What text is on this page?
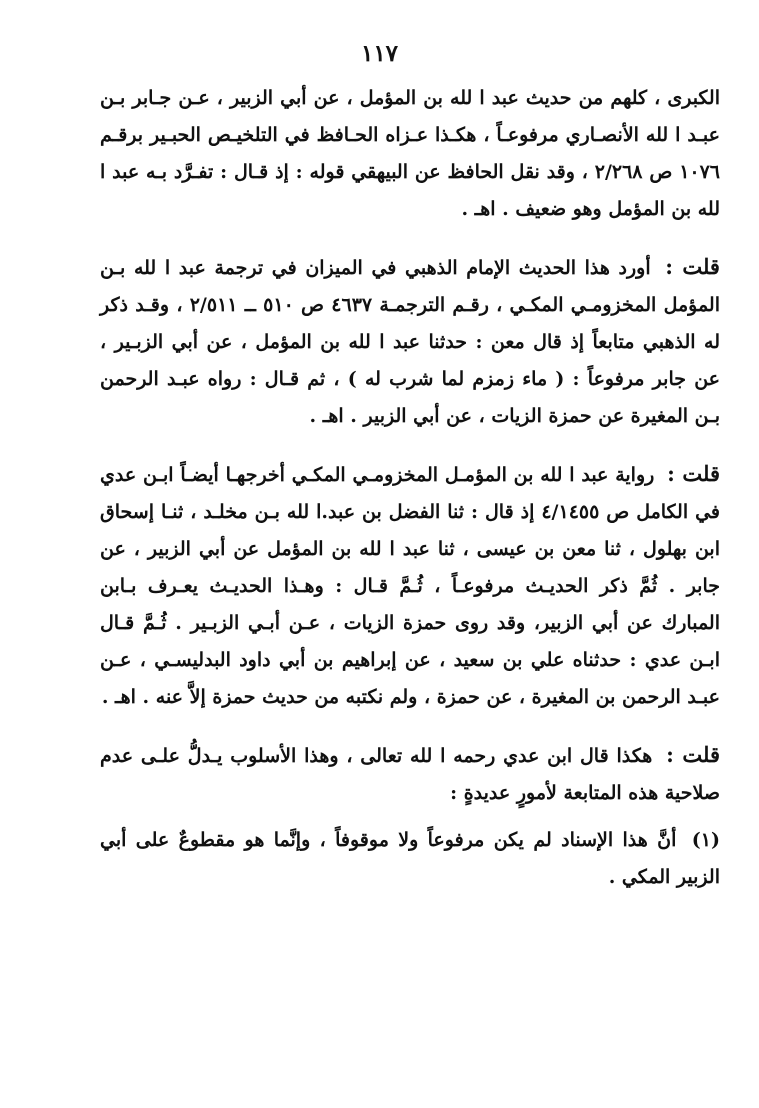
١١٧

الكبرى ، كلهم من حديث عبد ا لله بن المؤمل ، عن أبي الزبير ، عـن جـابر بـن عبـد ا لله الأنصـاري مرفوعـاً ، هكـذا عـزاه الحـافظ في التلخيـص الحبـير برقـم ١٠٧٦ ص ٢/٢٦٨ ، وقد نقل الحافظ عن البيهقي قوله : إذ قـال : تفـرَّد بـه عبد ا لله بن المؤمل وهو ضعيف . اهـ .

قلت : أورد هذا الحديث الإمام الذهبي في الميزان في ترجمة عبد ا لله بـن المؤمل المخزومـي المكـي ، رقـم الترجمـة ٤٦٣٧ ص ٥١٠ ــ ٢/٥١١ ، وقـد ذكر له الذهبي متابعاً إذ قال معن : حدثنا عبد ا لله بن المؤمل ، عن أبي الزبـير ، عن جابر مرفوعاً : ( ماء زمزم لما شرب له ) ، ثم قـال : رواه عبـد الرحمن بـن المغيرة عن حمزة الزيات ، عن أبي الزبير . اهـ .

قلت : رواية عبد ا لله بن المؤمـل المخزومـي المكـي أخرجهـا أيضـاً ابـن عدي في الكامل ص ٤/١٤٥٥ إذ قال : ثنا الفضل بن عبد.ا لله بـن مخلـد ، ثنـا إسحاق ابن بهلول ، ثنا معن بن عيسى ، ثنا عبد ا لله بن المؤمل عن أبي الزبير ، عن جابر . ثُمَّ ذكر الحديـث مرفوعـاً ، ثُـمَّ قـال : وهـذا الحديـث يعـرف بـابن المبارك عن أبي الزبير، وقد روى حمزة الزيات ، عـن أبـي الزبـير . ثُـمَّ قـال ابـن عدي : حدثناه علي بن سعيد ، عن إبراهيم بن أبي داود البدليسـي ، عـن عبـد الرحمن بن المغيرة ، عن حمزة ، ولم نكتبه من حديث حمزة إلاَّ عنه . اهـ .

قلت : هكذا قال ابن عدي رحمه ا لله تعالى ، وهذا الأسلوب يـدلُّ علـى عدم صلاحية هذه المتابعة لأمورٍ عديدةٍ :

(١) أنَّ هذا الإسناد لم يكن مرفوعاً ولا موقوفاً ، وإنَّما هو مقطوعٌ على أبي الزبير المكي .
